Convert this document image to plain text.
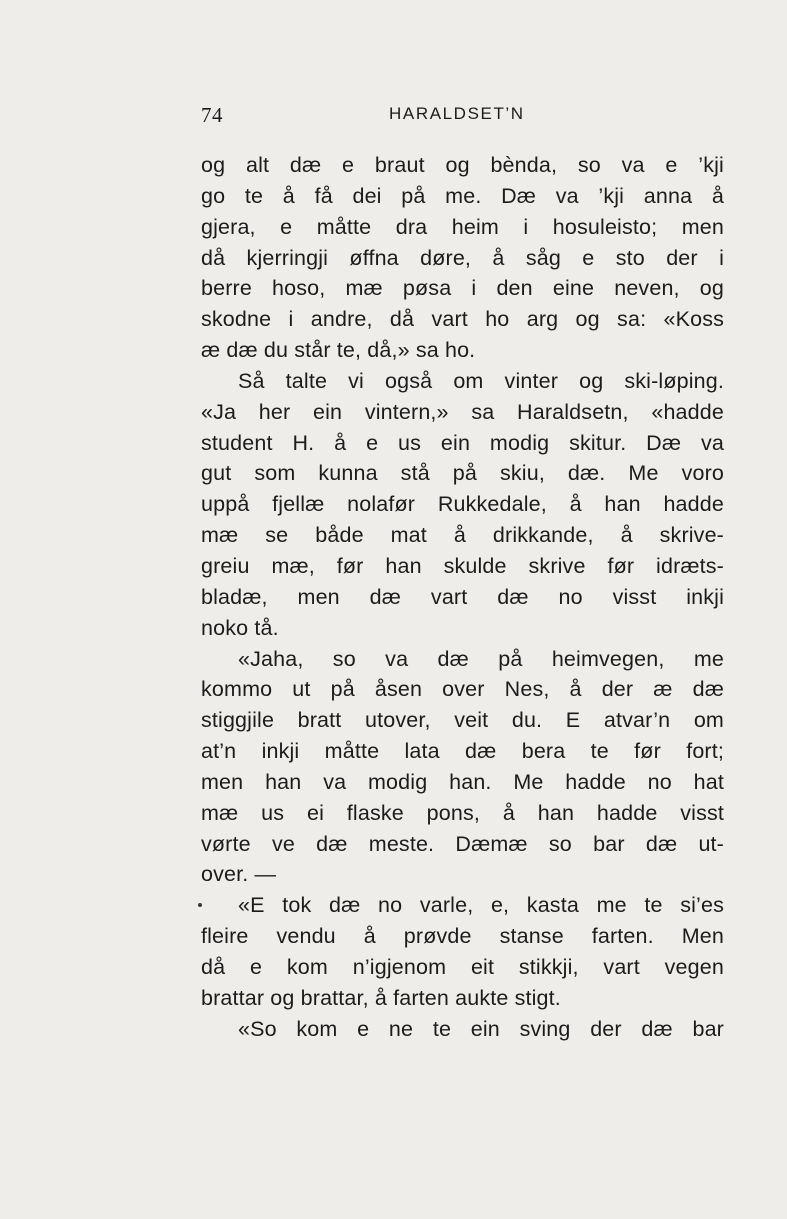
74	HARALDSET’N
og alt dæ e braut og bènda, so va e ’kji
go te å få dei på me. Dæ va ’kji anna å
gjera, e måtte dra heim i hosuleisto; men
då kjerringji øffna døre, å såg e sto der i
berre hoso, mæ pøsa i den eine neven, og
skodne i andre, då vart ho arg og sa: «Koss
æ dæ du står te, då,» sa ho.
Så talte vi også om vinter og ski-løping.
«Ja her ein vintern,» sa Haraldsetn, «hadde
student H. å e us ein modig skitur. Dæ va
gut som kunna stå på skiu, dæ. Me voro
uppå fjellæ nolafør Rukkedale, å han hadde
mæ se både mat å drikkande, å skrive-
greiu mæ, før han skulde skrive før idræts-
bladæ, men dæ vart dæ no visst inkji
noko tå.
«Jaha, so va dæ på heimvegen, me
kommo ut på åsen over Nes, å der æ dæ
stiggjile bratt utover, veit du. E atvar’n om
at’n inkji måtte lata dæ bera te før fort;
men han va modig han. Me hadde no hat
mæ us ei flaske pons, å han hadde visst
vørte ve dæ meste. Dæmæ so bar dæ ut-
over. —
«E tok dæ no varle, e, kasta me te si’es
fleire vendu å prøvde stanse farten. Men
då e kom n’igjenom eit stikkji, vart vegen
brattar og brattar, å farten aukte stigt.
«So kom e ne te ein sving der dæ bar
